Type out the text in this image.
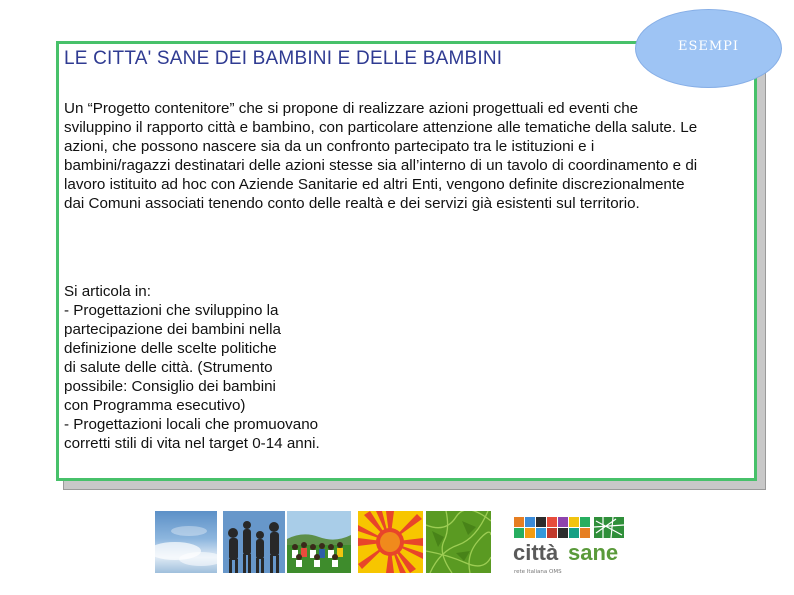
LE CITTA' SANE DEI BAMBINI E DELLE BAMBINI
ESEMPI

Un “Progetto contenitore” che si propone di realizzare azioni progettuali ed eventi che sviluppino il rapporto città e bambino, con particolare attenzione alle tematiche della salute. Le azioni, che possono nascere sia da un confronto partecipato tra le istituzioni e i bambini/ragazzi destinatari delle azioni stesse sia all’interno di un tavolo di coordinamento e di lavoro istituito ad hoc con Aziende Sanitarie ed altri Enti, vengono definite discrezionalmente dai Comuni associati tenendo conto delle realtà e dei servizi già esistenti sul territorio.

Si articola in:
- Progettazioni che sviluppino la
partecipazione dei bambini nella
definizione delle scelte politiche
di salute delle città. (Strumento
possibile: Consiglio dei bambini
con Programma esecutivo)
- Progettazioni locali che promuovano
corretti stili di vita nel target 0-14 anni.

città sane
rete Italiana OMS
